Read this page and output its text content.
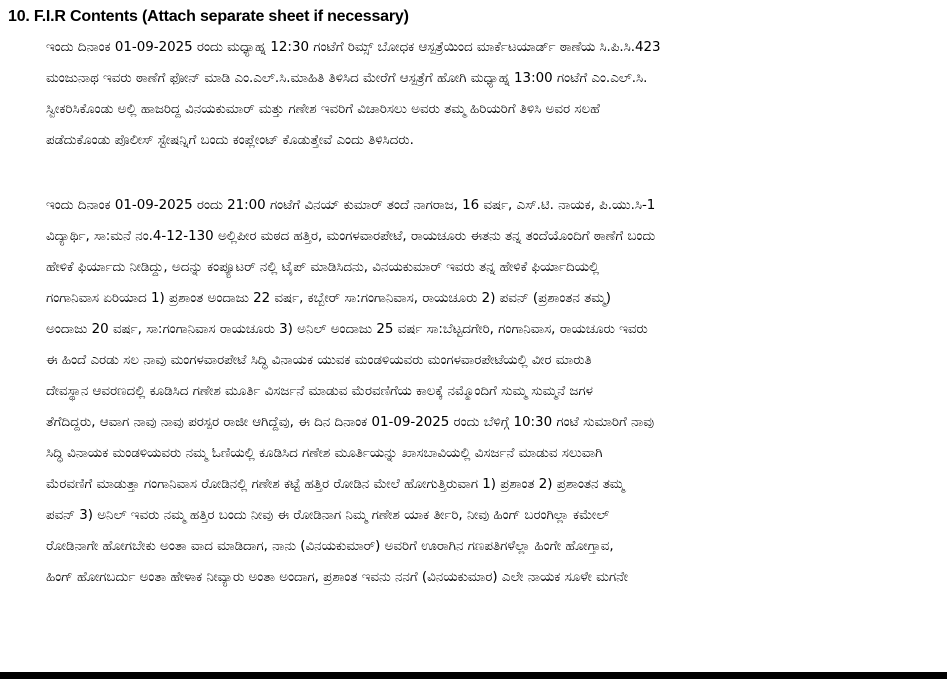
10. F.I.R Contents (Attach separate sheet if necessary)
ಇಂದು ದಿನಾಂಕ 01-09-2025 ರಂದು ಮಧ್ಯಾಹ್ನ 12:30 ಗಂಟೆಗೆ ರಿಮ್ಸ್ ಬೋಧಕ ಆಸ್ಪತ್ರೆಯಿಂದ ಮಾರ್ಕೆಟಯಾರ್ಡ್ ಠಾಣೆಯ ಸಿ.ಪಿ.ಸಿ.423
ಮಂಜುನಾಥ ಇವರು ಠಾಣೆಗೆ ಫೋನ್ ಮಾಡಿ ಎಂ.ಎಲ್.ಸಿ.ಮಾಹಿತಿ ತಿಳಿಸಿದ ಮೇರೆಗೆ ಆಸ್ಪತ್ರೆಗೆ ಹೋಗಿ ಮಧ್ಯಾಹ್ನ 13:00 ಗಂಟೆಗೆ ಎಂ.ಎಲ್.ಸಿ.
ಸ್ವೀಕರಿಸಿಕೊಂಡು ಅಲ್ಲಿ ಹಾಜರಿದ್ದ ವಿನಯಕುಮಾರ್ ಮತ್ತು ಗಣೇಶ ಇವರಿಗೆ ವಿಚಾರಿಸಲು ಅವರು ತಮ್ಮ ಹಿರಿಯರಿಗೆ ತಿಳಿಸಿ ಅವರ ಸಲಹೆ
ಪಡೆದುಕೊಂಡು ಪೊಲೀಸ್ ಸ್ಟೇಷನ್ನಿಗೆ ಬಂದು ಕಂಪ್ಲೇಂಟ್ ಕೊಡುತ್ತೇವೆ ಎಂದು ತಿಳಿಸಿದರು.
ಇಂದು ದಿನಾಂಕ 01-09-2025 ರಂದು 21:00 ಗಂಟೆಗೆ ವಿನಯ್ ಕುಮಾರ್ ತಂದೆ ನಾಗರಾಜ, 16 ವರ್ಷ, ಎಸ್.ಟಿ. ನಾಯಕ, ಪಿ.ಯು.ಸಿ-1
ವಿದ್ಯಾರ್ಥಿ, ಸಾ:ಮನೆ ನಂ.4-12-130 ಅಲ್ಲಿಪೀರ ಮಠದ ಹತ್ತಿರ, ಮಂಗಳವಾರಪೇಟೆ, ರಾಯಚೂರು ಈತನು ತನ್ನ ತಂದೆಯೊಂದಿಗೆ ಠಾಣೆಗೆ ಬಂದು
ಹೇಳಿಕೆ ಫಿರ್ಯಾದು ನೀಡಿದ್ದು, ಅದನ್ನು ಕಂಪ್ಯೂಟರ್ ನಲ್ಲಿ ಟೈಪ್ ಮಾಡಿಸಿದನು, ವಿನಯಕುಮಾರ್ ಇವರು ತನ್ನ ಹೇಳಿಕೆ ಫಿರ್ಯಾದಿಯಲ್ಲಿ
ಗಂಗಾನಿವಾಸ ಏರಿಯಾದ 1) ಪ್ರಶಾಂತ ಅಂದಾಜು 22 ವರ್ಷ, ಕಬ್ಬೇರ್ ಸಾ:ಗಂಗಾನಿವಾಸ, ರಾಯಚೂರು 2) ಪವನ್ (ಪ್ರಶಾಂತನ ತಮ್ಮ)
ಅಂದಾಜು 20 ವರ್ಷ, ಸಾ:ಗಂಗಾನಿವಾಸ ರಾಯಚೂರು 3) ಅನಿಲ್ ಅಂದಾಜು 25 ವರ್ಷ ಸಾ:ಬೆಟ್ಟದಗೇರಿ, ಗಂಗಾನಿವಾಸ, ರಾಯಚೂರು ಇವರು
ಈ ಹಿಂದೆ ಎರಡು ಸಲ ನಾವು ಮಂಗಳವಾರಪೇಟೆ ಸಿದ್ಧಿ ವಿನಾಯಕ ಯುವಕ ಮಂಡಳಿಯವರು ಮಂಗಳವಾರಪೇಟೆಯಲ್ಲಿ ವೀರ ಮಾರುತಿ
ದೇವಸ್ಥಾನ ಆವರಣದಲ್ಲಿ ಕೂಡಿಸಿದ ಗಣೇಶ ಮೂರ್ತಿ ವಿಸರ್ಜನೆ ಮಾಡುವ ಮೆರವಣಿಗೆಯ ಕಾಲಕ್ಕೆ ನಮ್ಮೊಂದಿಗೆ ಸುಮ್ಮ ಸುಮ್ಮನೆ ಜಗಳ
ತೆಗೆದಿದ್ದರು, ಆವಾಗ ನಾವು ನಾವು ಪರಸ್ಪರ ರಾಜೀ ಆಗಿದ್ದೆವು, ಈ ದಿನ ದಿನಾಂಕ 01-09-2025 ರಂದು ಬೆಳಿಗ್ಗೆ 10:30 ಗಂಟೆ ಸುಮಾರಿಗೆ ನಾವು
ಸಿದ್ಧಿ ವಿನಾಯಕ ಮಂಡಳಿಯವರು ನಮ್ಮ ಓಣಿಯಲ್ಲಿ ಕೂಡಿಸಿದ ಗಣೇಶ ಮೂರ್ತಿಯನ್ನು ಖಾಸಬಾವಿಯಲ್ಲಿ ವಿಸರ್ಜನೆ ಮಾಡುವ ಸಲುವಾಗಿ
ಮೆರವಣಿಗೆ ಮಾಡುತ್ತಾ ಗಂಗಾನಿವಾಸ ರೋಡಿನಲ್ಲಿ ಗಣೇಶ ಕಟ್ಟೆ ಹತ್ತಿರ ರೋಡಿನ ಮೇಲೆ ಹೋಗುತ್ತಿರುವಾಗ 1) ಪ್ರಶಾಂತ 2) ಪ್ರಶಾಂತನ ತಮ್ಮ
ಪವನ್ 3) ಅನಿಲ್ ಇವರು ನಮ್ಮ ಹತ್ತಿರ ಬಂದು ನೀವು ಈ ರೋಡಿನಾಗ ನಿಮ್ಮ ಗಣೇಶ ಯಾಕ ರ್ತೀರಿ, ನೀವು ಹಿಂಗ್ ಬರಂಗಿಲ್ಲಾ ಕಮೇಲ್
ರೋಡಿನಾಗೇ ಹೋಗಬೇಕು ಅಂತಾ ವಾದ ಮಾಡಿದಾಗ, ನಾನು (ವಿನಯಕುಮಾರ್) ಅವರಿಗೆ ಊರಾಗಿನ ಗಣಪತಿಗಳೆಲ್ಲಾ ಹಿಂಗೇ ಹೋಗ್ತಾವ,
ಹಿಂಗ್ ಹೋಗಬರ್ದು ಅಂತಾ ಹೇಳಾಕ ನೀವ್ಯಾರು ಅಂತಾ ಅಂದಾಗ, ಪ್ರಶಾಂತ ಇವನು ನನಗೆ (ವಿನಯಕುಮಾರ) ಎಲೇ ನಾಯಕ ಸೂಳೇ ಮಗನೇ
